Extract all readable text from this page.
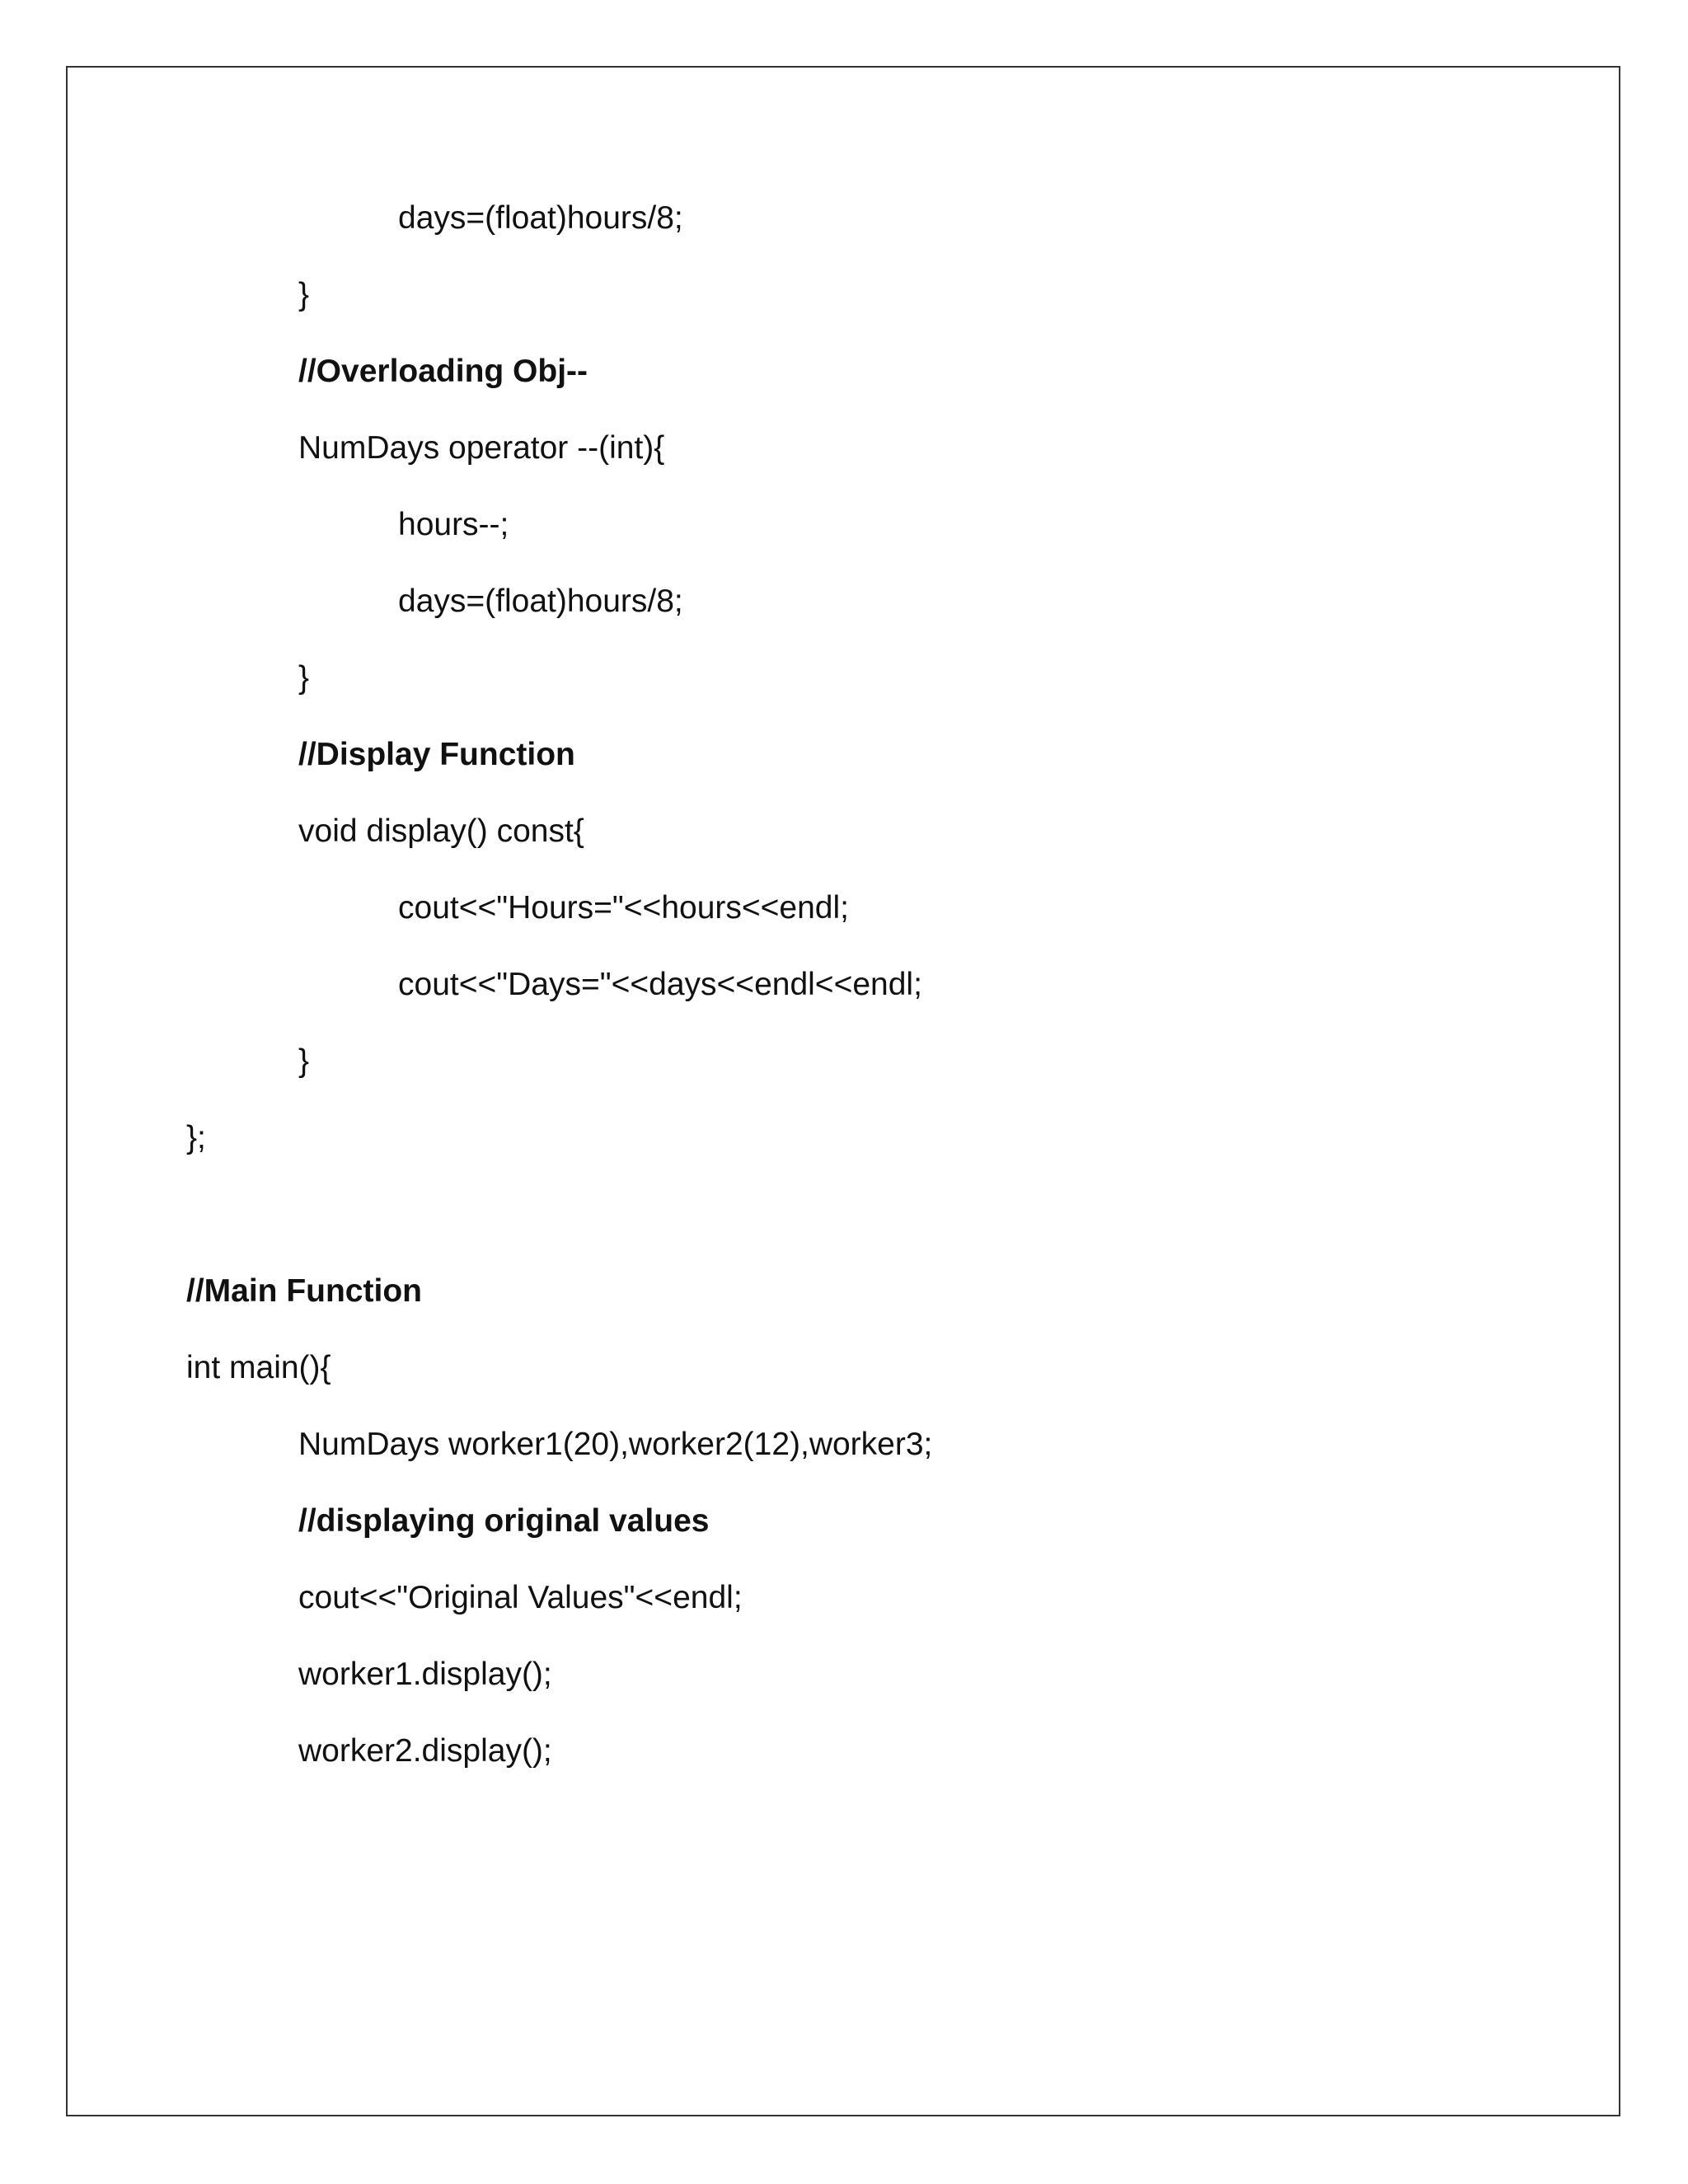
days=(float)hours/8;
}
//Overloading Obj--
NumDays operator --(int){
hours--;
days=(float)hours/8;
}
//Display Function
void display() const{
cout<<"Hours="<<hours<<endl;
cout<<"Days="<<days<<endl<<endl;
}
};
//Main Function
int main(){
NumDays worker1(20),worker2(12),worker3;
//displaying original values
cout<<"Original Values"<<endl;
worker1.display();
worker2.display();
